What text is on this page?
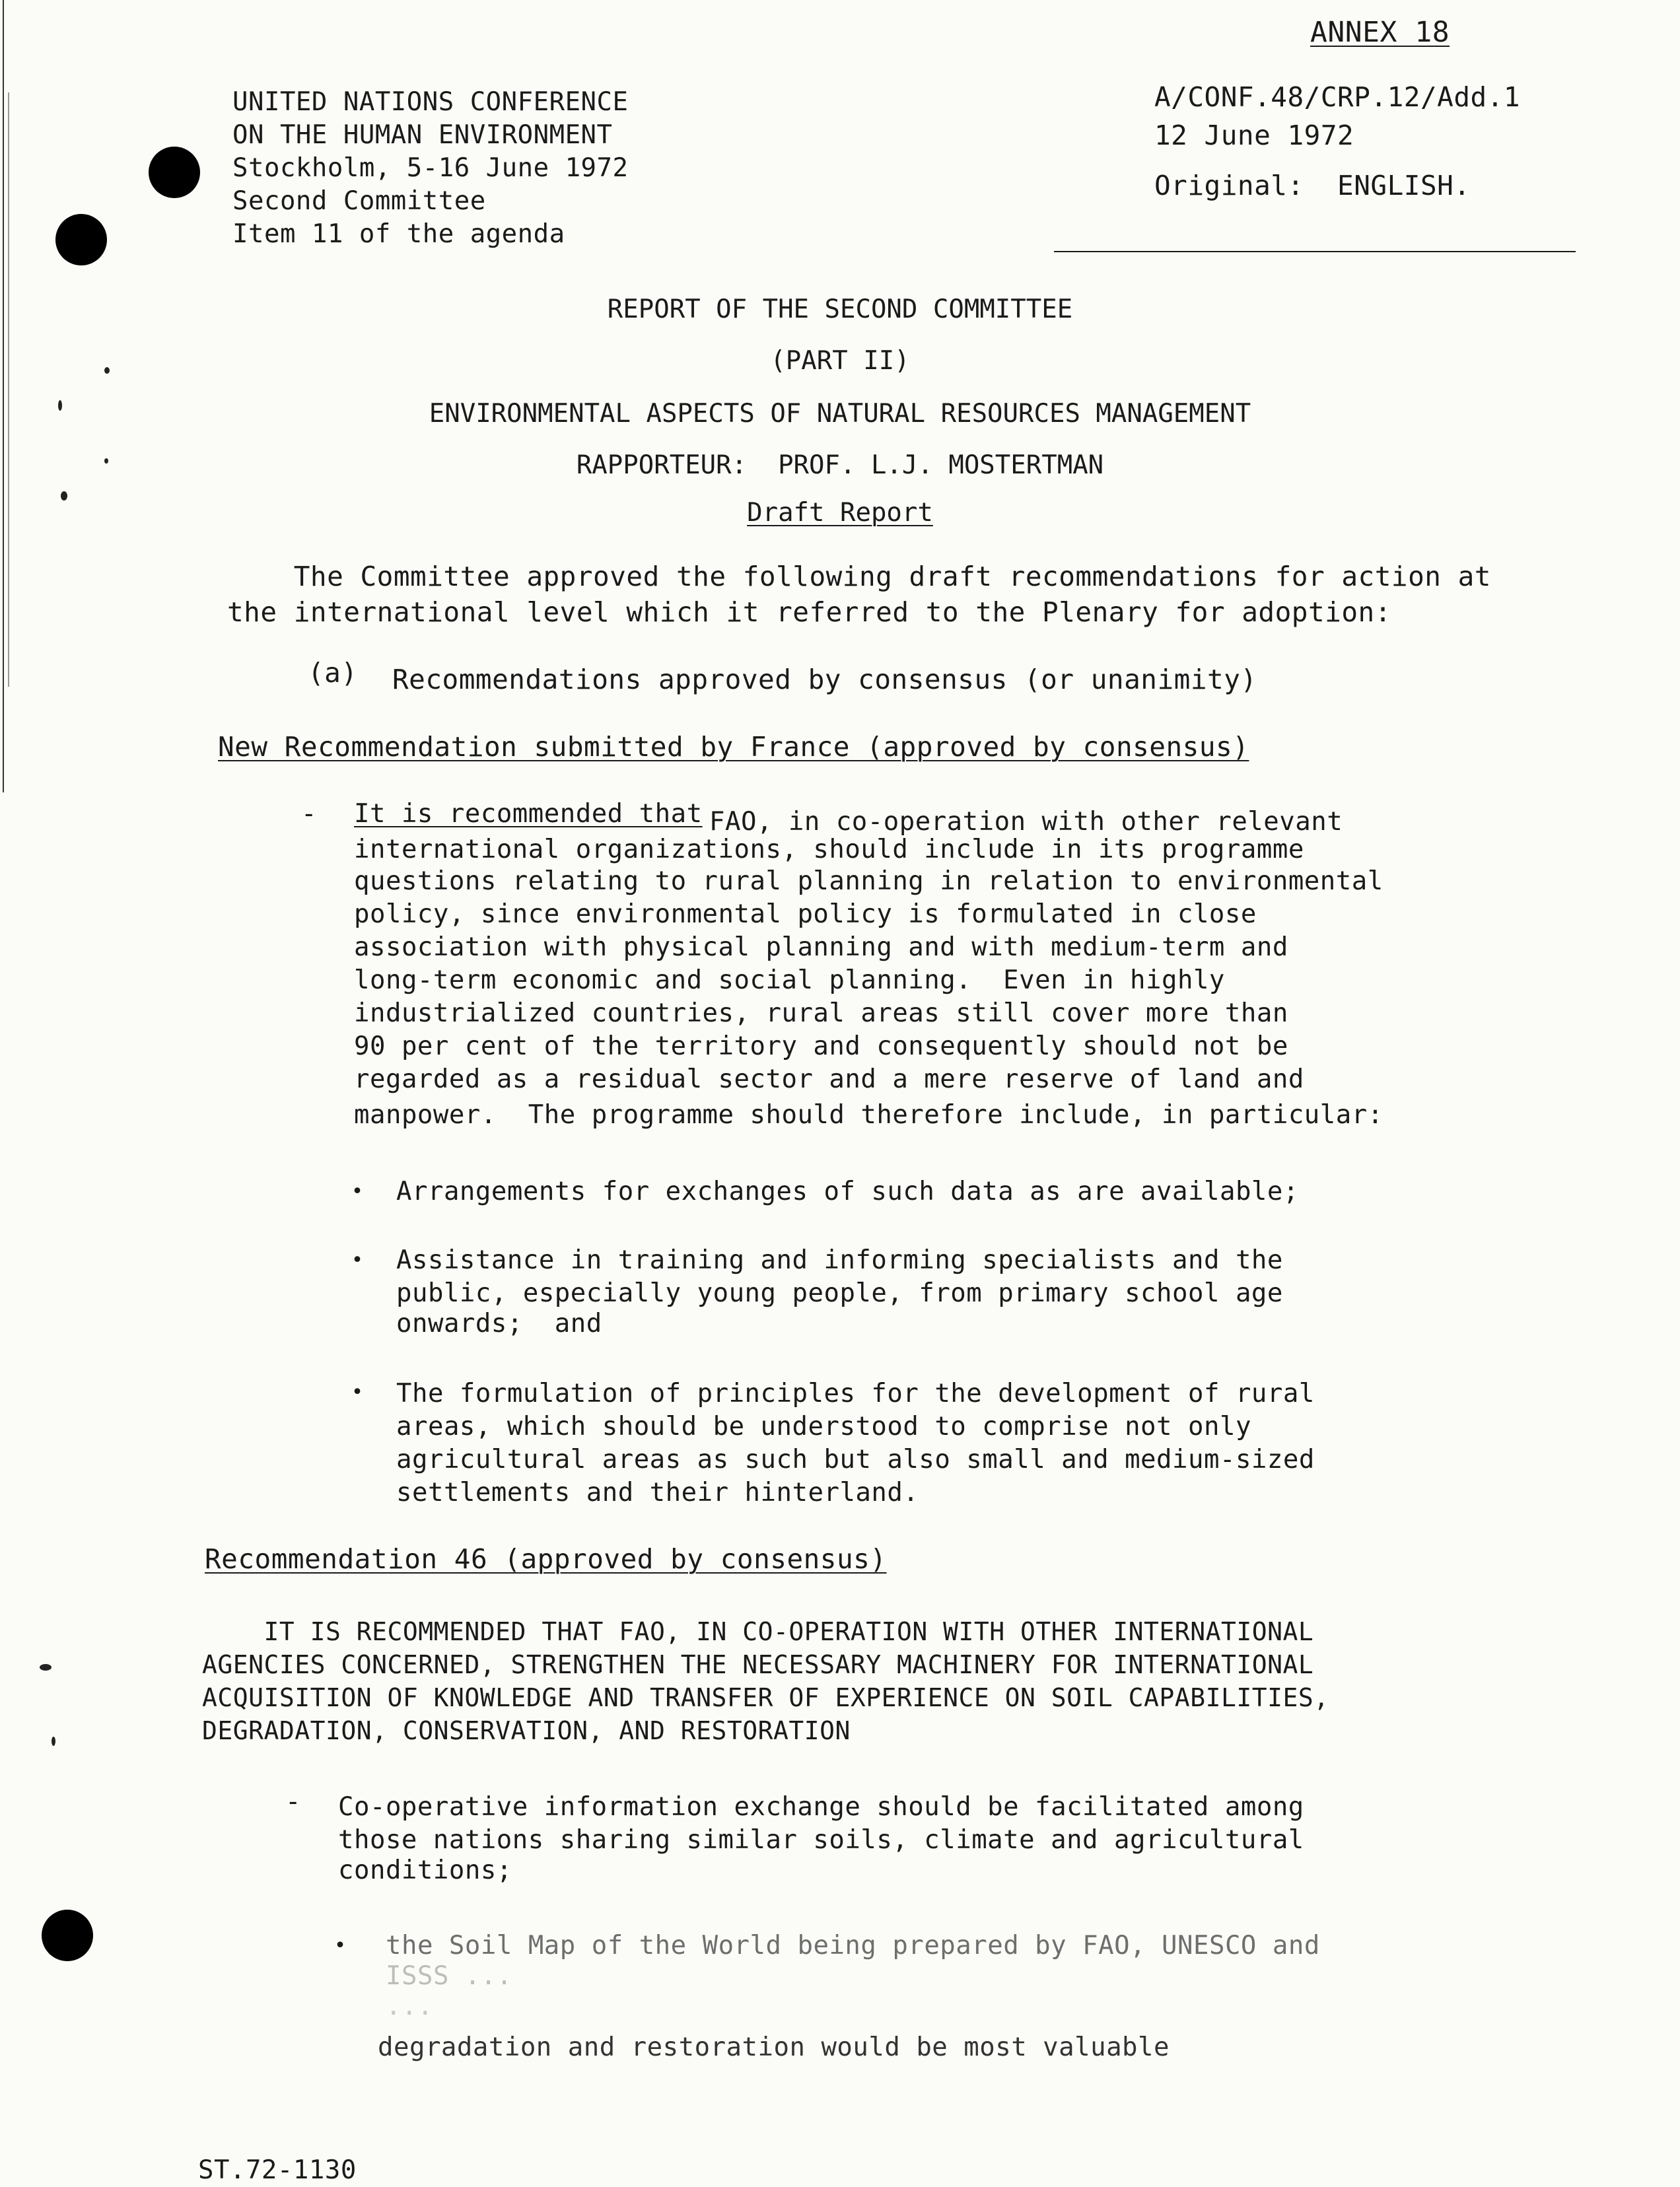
ANNEX 18
UNITED NATIONS CONFERENCE
ON THE HUMAN ENVIRONMENT
Stockholm, 5-16 June 1972
Second Committee
Item 11 of the agenda
A/CONF.48/CRP.12/Add.1
12 June 1972
Original:  ENGLISH.
REPORT OF THE SECOND COMMITTEE
(PART II)
ENVIRONMENTAL ASPECTS OF NATURAL RESOURCES MANAGEMENT
RAPPORTEUR:  PROF. L.J. MOSTERTMAN
Draft Report
The Committee approved the following draft recommendations for action at
the international level which it referred to the Plenary for adoption:
(a) Recommendations approved by consensus (or unanimity)
New Recommendation submitted by France (approved by consensus)
- It is recommended that
FAO, in co-operation with other relevant
international organizations, should include in its programme
questions relating to rural planning in relation to environmental
policy, since environmental policy is formulated in close
association with physical planning and with medium-term and
long-term economic and social planning.  Even in highly
industrialized countries, rural areas still cover more than
90 per cent of the territory and consequently should not be
regarded as a residual sector and a mere reserve of land and
manpower.  The programme should therefore include, in particular:
• Arrangements for exchanges of such data as are available;
• Assistance in training and informing specialists and the
public, especially young people, from primary school age
onwards;  and
• The formulation of principles for the development of rural
areas, which should be understood to comprise not only
agricultural areas as such but also small and medium-sized
settlements and their hinterland.
Recommendation 46 (approved by consensus)
IT IS RECOMMENDED THAT FAO, IN CO-OPERATION WITH OTHER INTERNATIONAL
AGENCIES CONCERNED, STRENGTHEN THE NECESSARY MACHINERY FOR INTERNATIONAL
ACQUISITION OF KNOWLEDGE AND TRANSFER OF EXPERIENCE ON SOIL CAPABILITIES,
DEGRADATION, CONSERVATION, AND RESTORATION
- Co-operative information exchange should be facilitated among
those nations sharing similar soils, climate and agricultural
conditions;
• the Soil Map of the World being prepared by FAO, UNESCO and
ISSS ...
...
degradation and restoration would be most valuable
ST.72-1130
